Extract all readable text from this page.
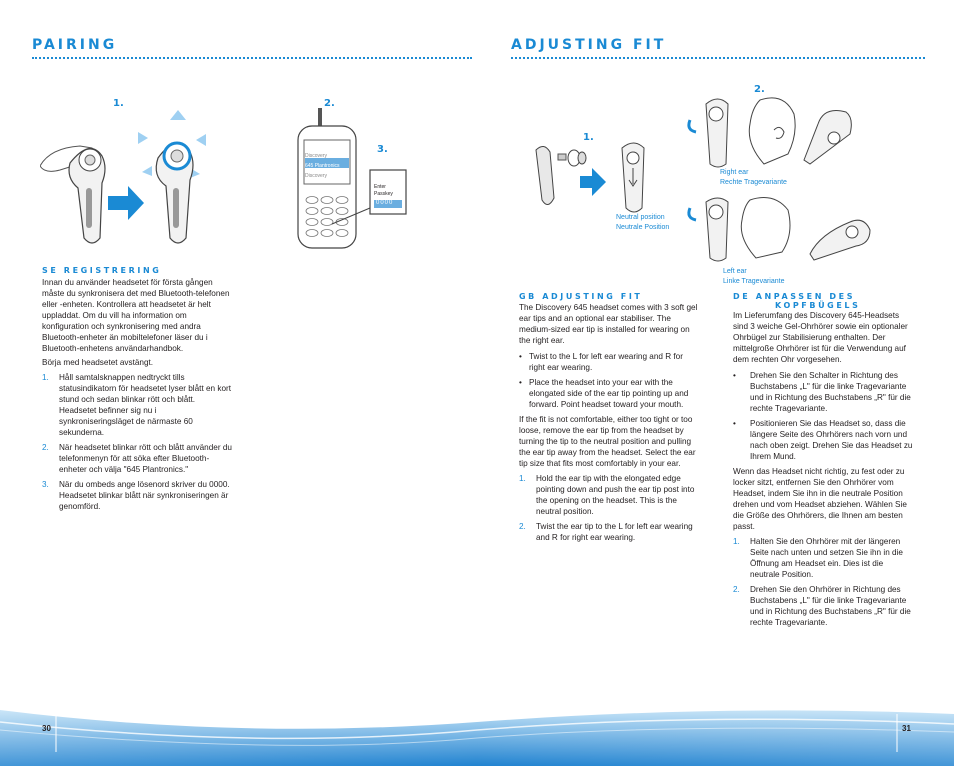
PAIRING
1.	2.
3.
Discovery
645 Plantronics
Discovery
Enter
Passkey
0000
SE REGISTRERING

Innan du använder headsetet för första gången måste du synkronisera det med Bluetooth-telefonen eller -enheten. Kontrollera att headsetet är helt uppladdat. Om du vill ha information om konfiguration och synkronisering med andra Bluetooth-enheter än mobiltelefoner läser du i Bluetooth-enhetens användarhandbok.

Börja med headsetet avstängt.

1. Håll samtalsknappen nedtryckt tills statusindikatorn för headsetet lyser blått en kort stund och sedan blinkar rött och blått. Headsetet befinner sig nu i synkroniseringsläget de närmaste 60 sekunderna.
2. När headsetet blinkar rött och blått använder du telefonmenyn för att söka efter Bluetooth-enheter och välja "645 Plantronics."
3. När du ombeds ange lösenord skriver du 0000. Headsetet blinkar blått när synkroniseringen är genomförd.
ADJUSTING FIT
1.
Neutral position
Neutrale Position
2.
Right ear
Rechte Tragevariante
Left ear
Linke Tragevariante
GB ADJUSTING FIT

The Discovery 645 headset comes with 3 soft gel ear tips and an optional ear stabiliser. The medium-sized ear tip is installed for wearing on the right ear.

• Twist to the L for left ear wearing and R for right ear wearing.
• Place the headset into your ear with the elongated side of the ear tip pointing up and forward. Point headset toward your mouth.

If the fit is not comfortable, either too tight or too loose, remove the ear tip from the headset by turning the tip to the neutral position and pulling the ear tip away from the headset. Select the ear tip size that fits most comfortably in your ear.

1. Hold the ear tip with the elongated edge pointing down and push the ear tip post into the opening on the headset. This is the neutral position.
2. Twist the ear tip to the L for left ear wearing and R for right ear wearing.
DE ANPASSEN DES
KOPFBÜGELS

Im Lieferumfang des Discovery 645-Headsets sind 3 weiche Gel-Ohrhörer sowie ein optionaler Ohrbügel zur Stabilisierung enthalten. Der mittelgroße Ohrhörer ist für die Verwendung auf dem rechten Ohr vorgesehen.

• Drehen Sie den Schalter in Richtung des Buchstabens „L" für die linke Tragevariante und in Richtung des Buchstabens „R" für die rechte Tragevariante.
• Positionieren Sie das Headset so, dass die längere Seite des Ohrhörers nach vorn und nach oben zeigt. Drehen Sie das Headset zu Ihrem Mund.

Wenn das Headset nicht richtig, zu fest oder zu locker sitzt, entfernen Sie den Ohrhörer vom Headset, indem Sie ihn in die neutrale Position drehen und vom Headset abziehen. Wählen Sie die Größe des Ohrhörers, die Ihnen am besten passt.

1. Halten Sie den Ohrhörer mit der längeren Seite nach unten und setzen Sie ihn in die Öffnung am Headset ein. Dies ist die neutrale Position.
2. Drehen Sie den Ohrhörer in Richtung des Buchstabens „L" für die linke Tragevariante und in Richtung des Buchstabens „R" für die rechte Tragevariante.
30	31
